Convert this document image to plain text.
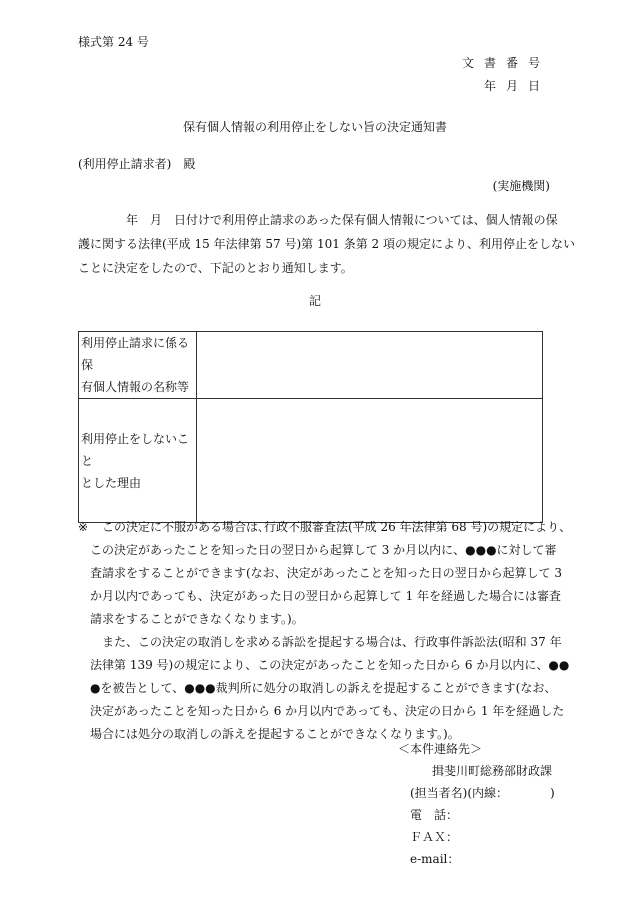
様式第 24 号
文書番号
年月日
保有個人情報の利用停止をしない旨の決定通知書
(利用停止請求者)　殿
(実施機関)
年　月　日付けで利用停止請求のあった保有個人情報については、個人情報の保
護に関する法律(平成 15 年法律第 57 号)第 101 条第 2 項の規定により、利用停止をしない
ことに決定をしたので、下記のとおり通知します。
記
利用停止請求に係る保
有個人情報の名称等	

利用停止をしないこと
とした理由	

※ この決定に不服がある場合は､行政不服審査法(平成 26 年法律第 68 号)の規定により、
この決定があったことを知った日の翌日から起算して 3 か月以内に、●●●に対して審
査請求をすることができます(なお、決定があったことを知った日の翌日から起算して 3
か月以内であっても、決定があった日の翌日から起算して 1 年を経過した場合には審査
請求をすることができなくなります。)。
また、この決定の取消しを求める訴訟を提起する場合は、行政事件訴訟法(昭和 37 年
法律第 139 号)の規定により、この決定があったことを知った日から 6 か月以内に、●●
●を被告として、●●●裁判所に処分の取消しの訴えを提起することができます(なお、
決定があったことを知った日から 6 か月以内であっても、決定の日から 1 年を経過した
場合には処分の取消しの訴えを提起することができなくなります。)。
＜本件連絡先＞
揖斐川町総務部財政課
(担当者名)(内線：　　　　)
電　話：
ＦＡＸ：
e-mail：
